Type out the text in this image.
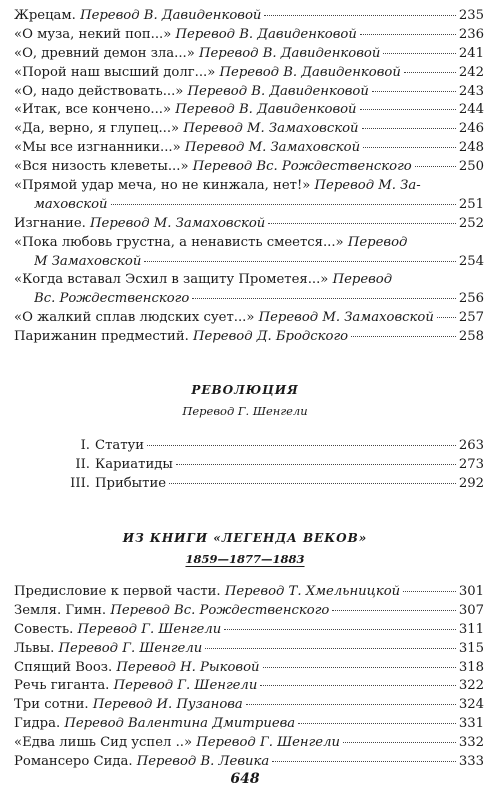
Жрецам. Перевод В. Давиденковой	235
«О муза, некий поп...» Перевод В. Давиденковой	236
«О, древний демон зла...» Перевод В. Давиденковой	241
«Порой наш высший долг...» Перевод В. Давиденковой	242
«О, надо действовать...» Перевод В. Давиденковой	243
«Итак, все кончено...» Перевод В. Давиденковой	244
«Да, верно, я глупец...» Перевод М. Замаховской	246
«Мы все изгнанники...» Перевод М. Замаховской	248
«Вся низость клеветы...» Перевод Вс. Рождественского	250
«Прямой удар меча, но не кинжала, нет!» Перевод М. За-
маховской	251
Изгнание. Перевод М. Замаховской	252
«Пока любовь грустна, а ненависть смеется...» Перевод
М Замаховской	254
«Когда вставал Эсхил в защиту Прометея...» Перевод
Вс. Рождественского	256
«О жалкий сплав людских сует...» Перевод М. Замаховской 257
Парижанин предместий. Перевод Д. Бродского	258
РЕВОЛЮЦИЯ
Перевод Г. Шенгели
I. Статуи	263
II. Кариатиды	273
III. Прибытие	292
ИЗ КНИГИ «ЛЕГЕНДА ВЕКОВ»
1859—1877—1883
Предисловие к первой части. Перевод Т. Хмельницкой	301
Земля. Гимн. Перевод Вс. Рождественского	307
Совесть. Перевод Г. Шенгели	311
Львы. Перевод Г. Шенгели	315
Спящий Вооз. Перевод Н. Рыковой	318
Речь гиганта. Перевод Г. Шенгели	322
Три сотни. Перевод И. Пузанова	324
Гидра. Перевод Валентина Дмитриева	331
«Едва лишь Сид успел ..» Перевод Г. Шенгели	332
Романсеро Сида. Перевод В. Левика	333
648
